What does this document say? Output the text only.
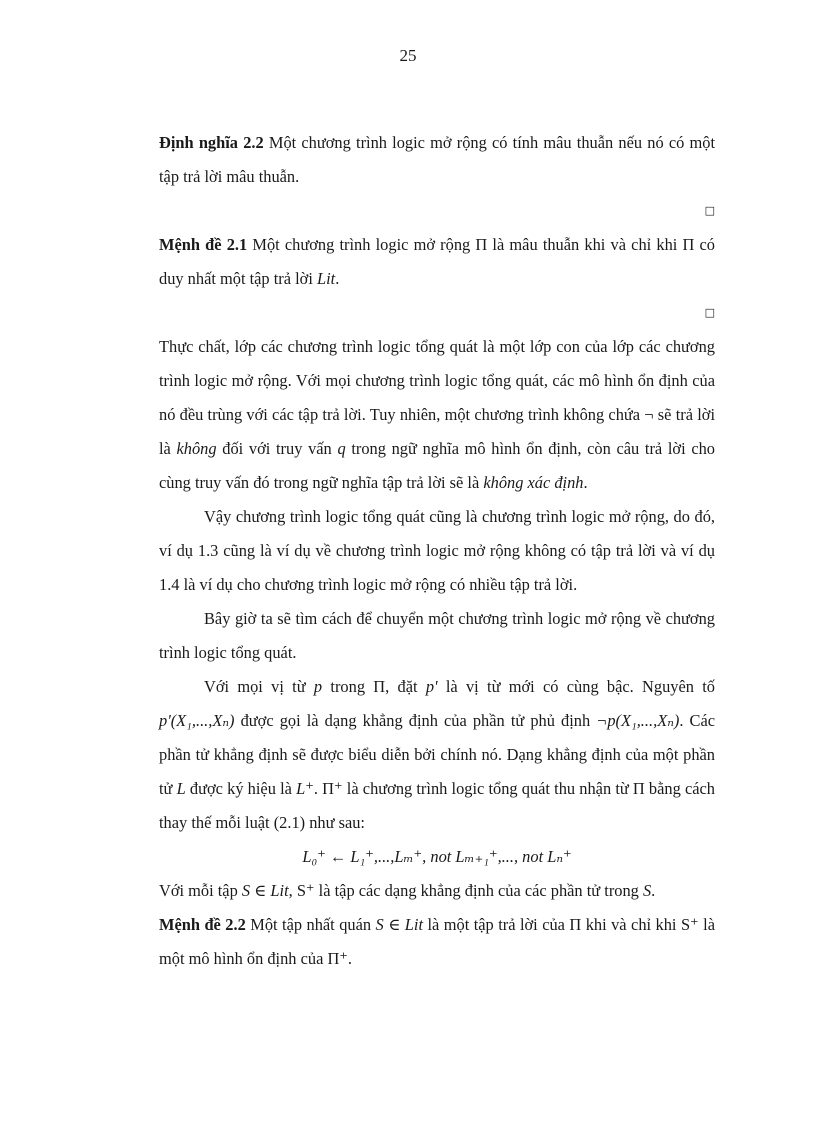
25

Định nghĩa 2.2 Một chương trình logic mở rộng có tính mâu thuẫn nếu nó có một tập trả lời mâu thuẫn.

□

Mệnh đề 2.1 Một chương trình logic mở rộng Π là mâu thuẫn khi và chỉ khi Π có duy nhất một tập trả lời Lit.

□

Thực chất, lớp các chương trình logic tổng quát là một lớp con của lớp các chương trình logic mở rộng. Với mọi chương trình logic tổng quát, các mô hình ổn định của nó đều trùng với các tập trả lời. Tuy nhiên, một chương trình không chứa ¬ sẽ trả lời là không đối với truy vấn q trong ngữ nghĩa mô hình ổn định, còn câu trả lời cho cùng truy vấn đó trong ngữ nghĩa tập trả lời sẽ là không xác định.

Vậy chương trình logic tổng quát cũng là chương trình logic mở rộng, do đó, ví dụ 1.3 cũng là ví dụ về chương trình logic mở rộng không có tập trả lời và ví dụ 1.4 là ví dụ cho chương trình logic mở rộng có nhiều tập trả lời.

Bây giờ ta sẽ tìm cách để chuyển một chương trình logic mở rộng về chương trình logic tổng quát.

Với mọi vị từ p trong Π, đặt p' là vị từ mới có cùng bậc. Nguyên tố p'(X₁,...,Xₙ) được gọi là dạng khẳng định của phần tử phủ định ¬p(X₁,...,Xₙ). Các phần tử khẳng định sẽ được biểu diễn bởi chính nó. Dạng khẳng định của một phần tử L được ký hiệu là L⁺. Π⁺ là chương trình logic tổng quát thu nhận từ Π bằng cách thay thế mỗi luật (2.1) như sau:

L₀⁺ ← L₁⁺,...,Lₘ⁺, not Lₘ₊₁⁺,..., not Lₙ⁺

Với mỗi tập S ∈ Lit, S⁺ là tập các dạng khẳng định của các phần tử trong S.

Mệnh đề 2.2 Một tập nhất quán S ∈ Lit là một tập trả lời của Π khi và chỉ khi S⁺ là một mô hình ổn định của Π⁺.
